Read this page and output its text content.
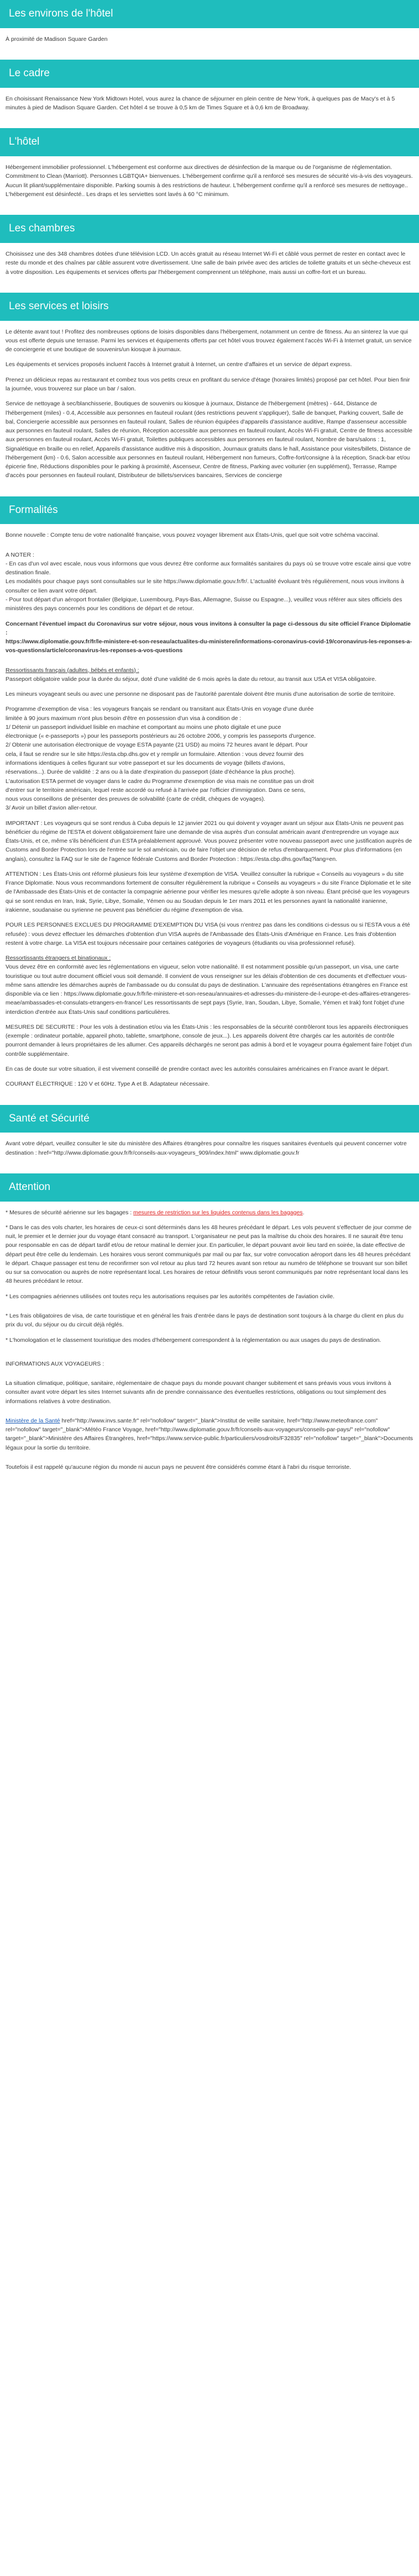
Les environs de l'hôtel

À proximité de Madison Square Garden

Le cadre

En choisissant Renaissance New York Midtown Hotel, vous aurez la chance de séjourner en plein centre de New York, à quelques pas de Macy's et à 5 minutes à pied de Madison Square Garden. Cet hôtel 4 se trouve à 0,5 km de Times Square et à 0,6 km de Broadway.

L'hôtel

Hébergement immobilier professionnel. L'hébergement est conforme aux directives de désinfection de la marque ou de l'organisme de réglementation. Commitment to Clean (Marriott). Personnes LGBTQIA+ bienvenues. L'hébergement confirme qu'il a renforcé ses mesures de sécurité vis-à-vis des voyageurs. Aucun lit pliant/supplémentaire disponible. Parking soumis à des restrictions de hauteur. L'hébergement confirme qu'il a renforcé ses mesures de nettoyage.. L'hébergement est désinfecté.. Les draps et les serviettes sont lavés à 60 °C minimum.

Les chambres

Choisissez une des 348 chambres dotées d'une télévision LCD. Un accès gratuit au réseau Internet Wi-Fi et câblé vous permet de rester en contact avec le reste du monde et des chaînes par câble assurent votre divertissement. Une salle de bain privée avec des articles de toilette gratuits et un sèche-cheveux est à votre disposition. Les équipements et services offerts par l'hébergement comprennent un téléphone, mais aussi un coffre-fort et un bureau.

Les services et loisirs

Le détente avant tout ! Profitez des nombreuses options de loisirs disponibles dans l'hébergement, notamment un centre de fitness. Au an sinterez la vue qui vous est offerte depuis une terrasse. Parmi les services et équipements offerts par cet hôtel vous trouvez également l'accès Wi-Fi à Internet gratuit, un service de conciergerie et une boutique de souvenirs/un kiosque à journaux.

Les équipements et services proposés incluent l'accès à Internet gratuit à Internet, un centre d'affaires et un service de départ express.

Prenez un délicieux repas au restaurant et combez tous vos petits creux en profitant du service d'étage (horaires limités) proposé par cet hôtel. Pour bien finir la journée, vous trouverez sur place un bar / salon.

Service de nettoyage à sec/blanchisserie, Boutiques de souvenirs ou kiosque à journaux, Distance de l'hébergement (mètres) - 644, Distance de l'hébergement (miles) - 0.4, Accessible aux personnes en fauteuil roulant (des restrictions peuvent s'appliquer), Salle de banquet, Parking couvert, Salle de bal, Conciergerie accessible aux personnes en fauteuil roulant, Salles de réunion équipées d'appareils d'assistance auditive, Rampe d'assenseur accessible aux personnes en fauteuil roulant, Salles de réunion, Réception accessible aux personnes en fauteuil roulant, Accès Wi-Fi gratuit, Centre de fitness accessible aux personnes en fauteuil roulant, Accès Wi-Fi gratuit, Toilettes publiques accessibles aux personnes en fauteuil roulant, Nombre de bars/salons : 1, Signalétique en braille ou en relief, Appareils d'assistance auditive mis à disposition, Journaux gratuits dans le hall, Assistance pour visites/billets, Distance de l'hébergement (km) - 0.6, Salon accessible aux personnes en fauteuil roulant, Hébergement non fumeurs, Coffre-fort/consigne à la réception, Snack-bar et/ou épicerie fine, Réductions disponibles pour le parking à proximité, Ascenseur, Centre de fitness, Parking avec voiturier (en supplément), Terrasse, Rampe d'accès pour personnes en fauteuil roulant, Distributeur de billets/services bancaires, Services de concierge

Formalités

Bonne nouvelle : Compte tenu de votre nationalité française, vous pouvez voyager librement aux États-Unis, quel que soit votre schéma vaccinal.

A NOTER :

- En cas d'un vol avec escale, nous vous informons que vous devrez être conforme aux formalités sanitaires du pays où se trouve votre escale ainsi que votre destination finale.

Les modalités pour chaque pays sont consultables sur le site https://www.diplomatie.gouv.fr/fr/. L'actualité évoluant très régulièrement, nous vous invitons à consulter ce lien avant votre départ.

- Pour tout départ d'un aéroport frontalier (Belgique, Luxembourg, Pays-Bas, Allemagne, Suisse ou Espagne...), veuillez vous référer aux sites officiels des ministères des pays concernés pour les conditions de départ et de retour.

Concernant l'éventuel impact du Coronavirus sur votre séjour, nous vous invitons à consulter la page ci-dessous du site officiel France Diplomatie :

https://www.diplomatie.gouv.fr/fr/le-ministere-et-son-reseau/actualites-du-ministere/informations-coronavirus-covid-19/coronavirus-les-reponses-a-vos-questions/article/coronavirus-les-reponses-a-vos-questions

Ressortissants français (adultes, bébés et enfants) :

Passeport obligatoire valide pour la durée du séjour, doté d'une validité de 6 mois après la date du retour, au transit aux USA et VISA obligatoire.

Les mineurs voyageant seuls ou avec une personne ne disposant pas de l'autorité parentale doivent être munis d'une autorisation de sortie de territoire.

Programme d'exemption de visa : les voyageurs français se rendant ou transitant aux États-Unis en voyage d'une durée
limitée à 90 jours maximum n'ont plus besoin d'être en possession d'un visa à condition de :
1/ Détenir un passeport individuel lisible en machine et comportant au moins une photo digitale et une puce
électronique (« e-passeports ») pour les passeports postérieurs au 26 octobre 2006, y compris les passeports d'urgence.
2/ Obtenir une autorisation électronique de voyage ESTA payante (21 USD) au moins 72 heures avant le départ. Pour
cela, il faut se rendre sur le site https://esta.cbp.dhs.gov et y remplir un formulaire. Attention : vous devez fournir des
informations identiques à celles figurant sur votre passeport et sur les documents de voyage (billets d'avions,
réservations...). Durée de validité : 2 ans ou à la date d'expiration du passeport (date d'échéance la plus proche).
L'autorisation ESTA permet de voyager dans le cadre du Programme d'exemption de visa mais ne constitue pas un droit
d'entrer sur le territoire américain, lequel reste accordé ou refusé à l'arrivée par l'officier d'immigration. Dans ce sens,
nous vous conseillons de présenter des preuves de solvabilité (carte de crédit, chèques de voyages).
3/ Avoir un billet d'avion aller-retour.

IMPORTANT : Les voyageurs qui se sont rendus à Cuba depuis le 12 janvier 2021 ou qui doivent y voyager avant un séjour aux États-Unis ne peuvent pas bénéficier du régime de l'ESTA et doivent obligatoirement faire une demande de visa auprès d'un consulat américain avant d'entreprendre un voyage aux États-Unis, et ce, même s'ils bénéficient d'un ESTA préalablement approuvé. Vous pouvez présenter votre nouveau passeport avec une justification auprès de Customs and Border Protection lors de l'entrée sur le sol américain, ou de faire l'objet une décision de refus d'embarquement. Pour plus d'informations (en anglais), consultez la FAQ sur le site de l'agence fédérale Customs and Border Protection : https://esta.cbp.dhs.gov/faq?lang=en.

ATTENTION : Les États-Unis ont réformé plusieurs fois leur système d'exemption de VISA. Veuillez consulter la rubrique « Conseils au voyageurs » du site France Diplomatie. Nous vous recommandons fortement de consulter régulièrement la rubrique « Conseils au voyageurs » du site France Diplomatie et le site de l'Ambassade des États-Unis et de contacter la compagnie aérienne pour vérifier les mesures qu'elle adopte à son niveau. Étant précisé que les voyageurs qui se sont rendus en Iran, Irak, Syrie, Libye, Somalie, Yémen ou au Soudan depuis le 1er mars 2011 et les personnes ayant la nationalité iranienne, irakienne, soudanaise ou syrienne ne peuvent pas bénéficier du régime d'exemption de visa.

POUR LES PERSONNES EXCLUES DU PROGRAMME D'EXEMPTION DU VISA (si vous n'entrez pas dans les conditions ci-dessus ou si l'ESTA vous a été refusée) : vous devez effectuer les démarches d'obtention d'un VISA auprès de l'Ambassade des États-Unis d'Amérique en France. Les frais d'obtention restent à votre charge. La VISA est toujours nécessaire pour certaines catégories de voyageurs (étudiants ou visa professionnel refusé).

Ressortissants étrangers et binationaux :

Vous devez être en conformité avec les réglementations en vigueur, selon votre nationalité. Il est notamment possible qu'un passeport, un visa, une carte touristique ou tout autre document officiel vous soit demandé. Il convient de vous renseigner sur les délais d'obtention de ces documents et d'effectuer vous-même sans attendre les démarches auprès de l'ambassade ou du consulat du pays de destination. L'annuaire des représentations étrangères en France est disponible via ce lien : https://www.diplomatie.gouv.fr/fr/le-ministere-et-son-reseau/annuaires-et-adresses-du-ministere-de-l-europe-et-des-affaires-etrangeres-meae/ambassades-et-consulats-etrangers-en-france/ Les ressortissants de sept pays (Syrie, Iran, Soudan, Libye, Somalie, Yémen et Irak) font l'objet d'une interdiction d'entrée aux États-Unis sauf conditions particulières.

MESURES DE SECURITE : Pour les vols à destination et/ou via les États-Unis : les responsables de la sécurité contrôleront tous les appareils électroniques (exemple : ordinateur portable, appareil photo, tablette, smartphone, console de jeux...). Les appareils doivent être chargés car les autorités de contrôle pourront demander à leurs propriétaires de les allumer. Ces appareils déchargés ne seront pas admis à bord et le voyageur pourra également faire l'objet d'un contrôle supplémentaire.

En cas de doute sur votre situation, il est vivement conseillé de prendre contact avec les autorités consulaires américaines en France avant le départ.

COURANT ÉLECTRIQUE : 120 V et 60Hz. Type A et B. Adaptateur nécessaire.

Santé et Sécurité

Avant votre départ, veuillez consulter le site du ministère des Affaires étrangères pour connaître les risques sanitaires éventuels qui peuvent concerner votre destination : href="http://www.diplomatie.gouv.fr/fr/conseils-aux-voyageurs_909/index.html" www.diplomatie.gouv.fr

Attention

* Mesures de sécurité aérienne sur les bagages : mesures de restriction sur les liquides contenus dans les bagages.

* Dans le cas des vols charter, les horaires de ceux-ci sont déterminés dans les 48 heures précédant le départ. Les vols peuvent s'effectuer de jour comme de nuit, le premier et le dernier jour du voyage étant consacré au transport. L'organisateur ne peut pas la maîtrise du choix des horaires. Il ne saurait être tenu pour responsable en cas de départ tardif et/ou de retour matinal le dernier jour. En particulier, le départ pouvant avoir lieu tard en soirée, la date effective de départ peut être celle du lendemain. Les horaires vous seront communiqués par mail ou par fax, sur votre convocation aéroport dans les 48 heures précédant le départ. Chaque passager est tenu de reconfirmer son vol retour au plus tard 72 heures avant son retour au numéro de téléphone se trouvant sur son billet ou sur sa convocation ou auprès de notre représentant local. Les horaires de retour définitifs vous seront communiqués par notre représentant local dans les 48 heures précédant le retour.

* Les compagnies aériennes utilisées ont toutes reçu les autorisations requises par les autorités compétentes de l'aviation civile.

* Les frais obligatoires de visa, de carte touristique et en général les frais d'entrée dans le pays de destination sont toujours à la charge du client en plus du prix du vol, du séjour ou du circuit déjà réglés.

* L'homologation et le classement touristique des modes d'hébergement correspondent à la réglementation ou aux usages du pays de destination.

INFORMATIONS AUX VOYAGEURS :

La situation climatique, politique, sanitaire, réglementaire de chaque pays du monde pouvant changer subitement et sans préavis vous vous invitons à consulter avant votre départ les sites Internet suivants afin de prendre connaissance des éventuelles restrictions, obligations ou tout simplement des informations relatives à votre destination.

Ministère de la Santé href="http://www.invs.sante.fr" rel="nofollow" target="_blank">Institut de veille sanitaire, href="http://www.meteofrance.com" rel="nofollow" target="_blank">Météo France Voyage, href="http://www.diplomatie.gouv.fr/fr/conseils-aux-voyageurs/conseils-par-pays/" rel="nofollow" target="_blank">Ministère des Affaires Étrangères, href="https://www.service-public.fr/particuliers/vosdroits/F32835" rel="nofollow" target="_blank">Documents légaux pour la sortie du territoire.

Toutefois il est rappelé qu'aucune région du monde ni aucun pays ne peuvent être considérés comme étant à l'abri du risque terroriste.
